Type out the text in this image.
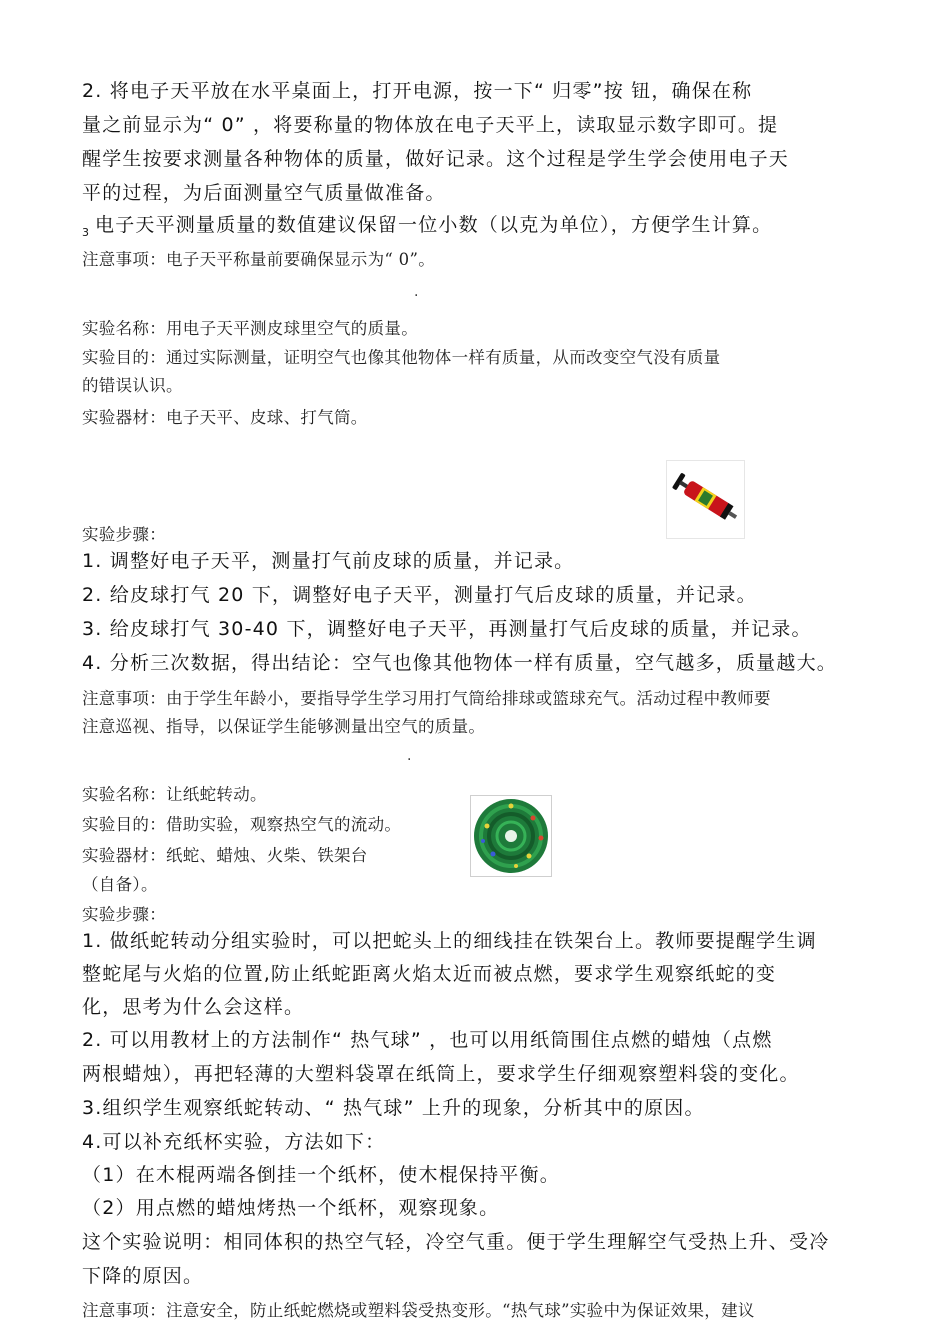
2. 将电子天平放在水平桌面上，打开电源，按一下“ 归零”按 钮，确保在称
量之前显示为“ 0” ，将要称量的物体放在电子天平上，读取显示数字即可。提
醒学生按要求测量各种物体的质量，做好记录。这个过程是学生学会使用电子天
平的过程，为后面测量空气质量做准备。
3 电子天平测量质量的数值建议保留一位小数（以克为单位），方便学生计算。
注意事项：电子天平称量前要确保显示为“ 0”。
·
实验名称：用电子天平测皮球里空气的质量。
实验目的：通过实际测量，证明空气也像其他物体一样有质量，从而改变空气没有质量
的错误认识。
实验器材：电子天平、皮球、打气筒。
实验步骤：
1. 调整好电子天平，测量打气前皮球的质量，并记录。
2. 给皮球打气 20 下，调整好电子天平，测量打气后皮球的质量，并记录。
3. 给皮球打气 30-40 下，调整好电子天平，再测量打气后皮球的质量，并记录。
4. 分析三次数据，得出结论：空气也像其他物体一样有质量，空气越多，质量越大。
注意事项：由于学生年龄小，要指导学生学习用打气筒给排球或篮球充气。活动过程中教师要
注意巡视、指导，以保证学生能够测量出空气的质量。
·
实验名称：让纸蛇转动。
实验目的：借助实验，观察热空气的流动。
实验器材：纸蛇、蜡烛、火柴、铁架台
（自备）。
实验步骤：
1. 做纸蛇转动分组实验时，可以把蛇头上的细线挂在铁架台上。教师要提醒学生调
整蛇尾与火焰的位置,防止纸蛇距离火焰太近而被点燃，要求学生观察纸蛇的变
化，思考为什么会这样。
2. 可以用教材上的方法制作“ 热气球” ，也可以用纸筒围住点燃的蜡烛（点燃
两根蜡烛），再把轻薄的大塑料袋罩在纸筒上，要求学生仔细观察塑料袋的变化。
3.组织学生观察纸蛇转动、“ 热气球” 上升的现象，分析其中的原因。
4.可以补充纸杯实验，方法如下：
（1）在木棍两端各倒挂一个纸杯，使木棍保持平衡。
（2）用点燃的蜡烛烤热一个纸杯，观察现象。
这个实验说明：相同体积的热空气轻，冷空气重。便于学生理解空气受热上升、受冷
下降的原因。
注意事项：注意安全，防止纸蛇燃烧或塑料袋受热变形。“热气球”实验中为保证效果，建议
